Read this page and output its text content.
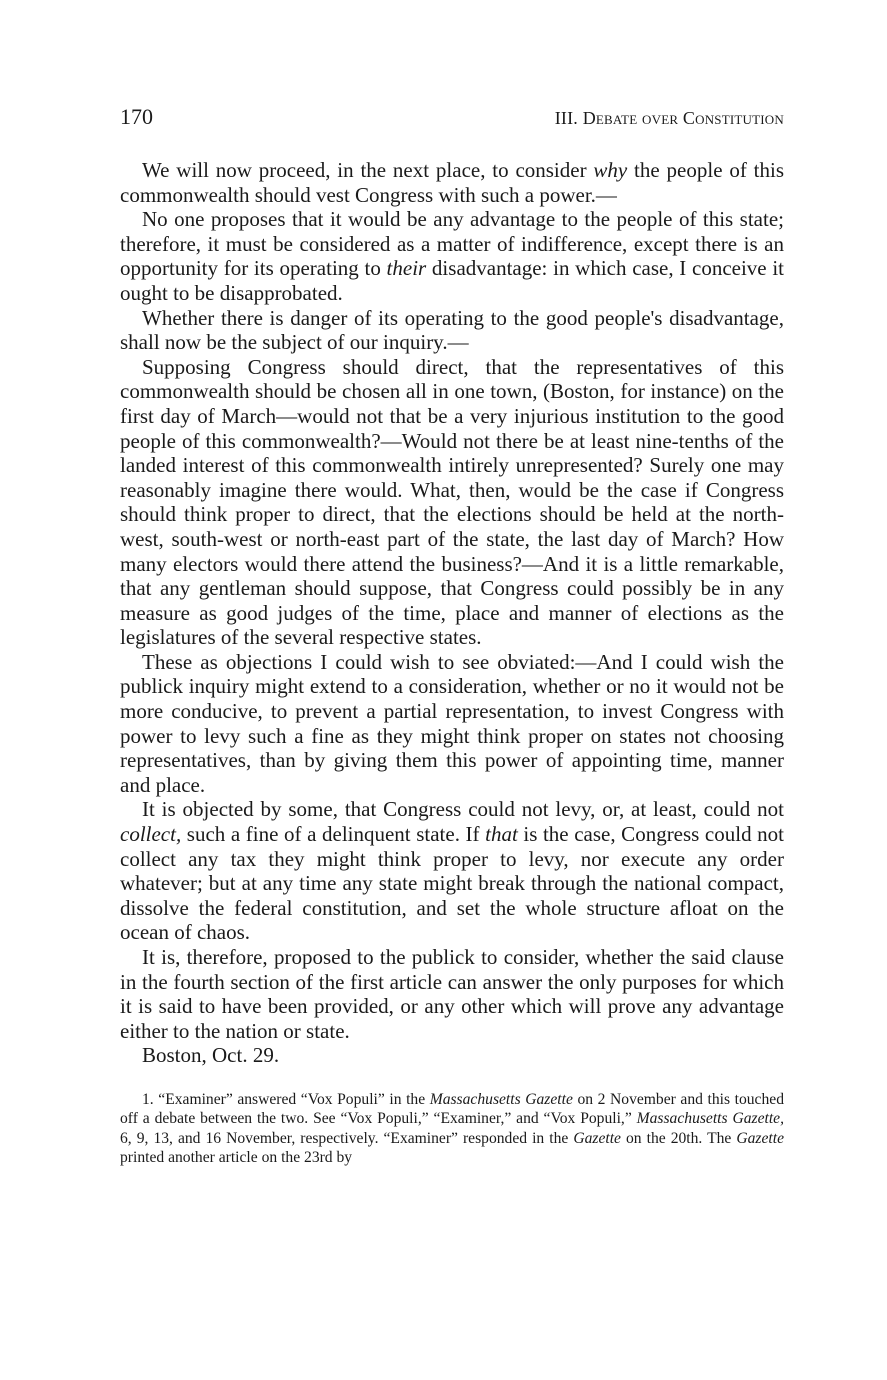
170	III. Debate over Constitution

We will now proceed, in the next place, to consider why the people of this commonwealth should vest Congress with such a power.—

No one proposes that it would be any advantage to the people of this state; therefore, it must be considered as a matter of indifference, except there is an opportunity for its operating to their disadvantage: in which case, I conceive it ought to be disapprobated.

Whether there is danger of its operating to the good people's disadvantage, shall now be the subject of our inquiry.—

Supposing Congress should direct, that the representatives of this commonwealth should be chosen all in one town, (Boston, for instance) on the first day of March—would not that be a very injurious institution to the good people of this commonwealth?—Would not there be at least nine-tenths of the landed interest of this commonwealth intirely unrepresented? Surely one may reasonably imagine there would. What, then, would be the case if Congress should think proper to direct, that the elections should be held at the north-west, south-west or north-east part of the state, the last day of March? How many electors would there attend the business?—And it is a little remarkable, that any gentleman should suppose, that Congress could possibly be in any measure as good judges of the time, place and manner of elections as the legislatures of the several respective states.

These as objections I could wish to see obviated:—And I could wish the publick inquiry might extend to a consideration, whether or no it would not be more conducive, to prevent a partial representation, to invest Congress with power to levy such a fine as they might think proper on states not choosing representatives, than by giving them this power of appointing time, manner and place.

It is objected by some, that Congress could not levy, or, at least, could not collect, such a fine of a delinquent state. If that is the case, Congress could not collect any tax they might think proper to levy, nor execute any order whatever; but at any time any state might break through the national compact, dissolve the federal constitution, and set the whole structure afloat on the ocean of chaos.

It is, therefore, proposed to the publick to consider, whether the said clause in the fourth section of the first article can answer the only purposes for which it is said to have been provided, or any other which will prove any advantage either to the nation or state.

Boston, Oct. 29.

1. “Examiner” answered “Vox Populi” in the Massachusetts Gazette on 2 November and this touched off a debate between the two. See “Vox Populi,” “Examiner,” and “Vox Populi,” Massachusetts Gazette, 6, 9, 13, and 16 November, respectively. “Examiner” responded in the Gazette on the 20th. The Gazette printed another article on the 23rd by
